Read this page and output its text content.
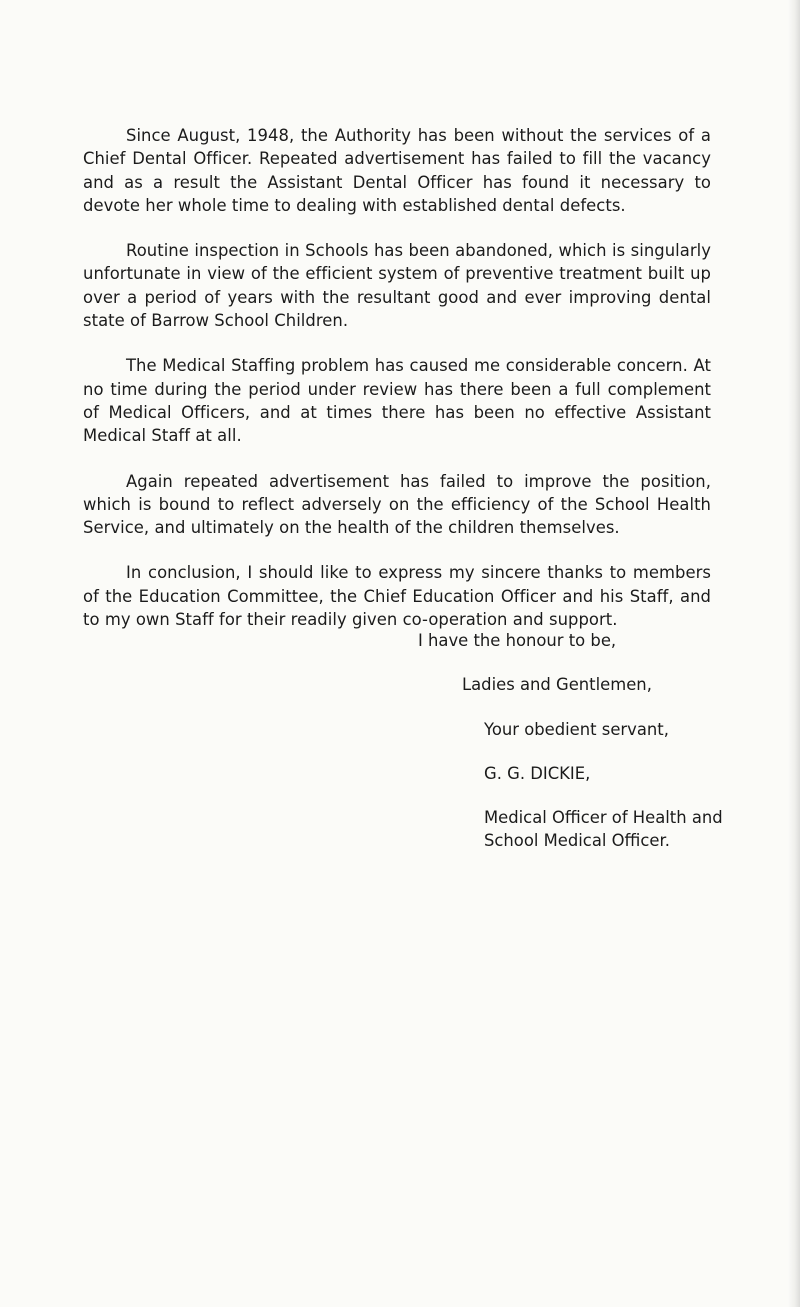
Since August, 1948, the Authority has been without the services of a Chief Dental Officer. Repeated advertisement has failed to fill the vacancy and as a result the Assistant Dental Officer has found it necessary to devote her whole time to dealing with established dental defects.

Routine inspection in Schools has been abandoned, which is singularly unfortunate in view of the efficient system of preventive treatment built up over a period of years with the resultant good and ever improving dental state of Barrow School Children.

The Medical Staffing problem has caused me considerable concern. At no time during the period under review has there been a full complement of Medical Officers, and at times there has been no effective Assistant Medical Staff at all.

Again repeated advertisement has failed to improve the position, which is bound to reflect adversely on the efficiency of the School Health Service, and ultimately on the health of the children themselves.

In conclusion, I should like to express my sincere thanks to members of the Education Committee, the Chief Education Officer and his Staff, and to my own Staff for their readily given co-operation and support.

I have the honour to be,
Ladies and Gentlemen,
Your obedient servant,
G. G. DICKIE,
Medical Officer of Health and
School Medical Officer.
